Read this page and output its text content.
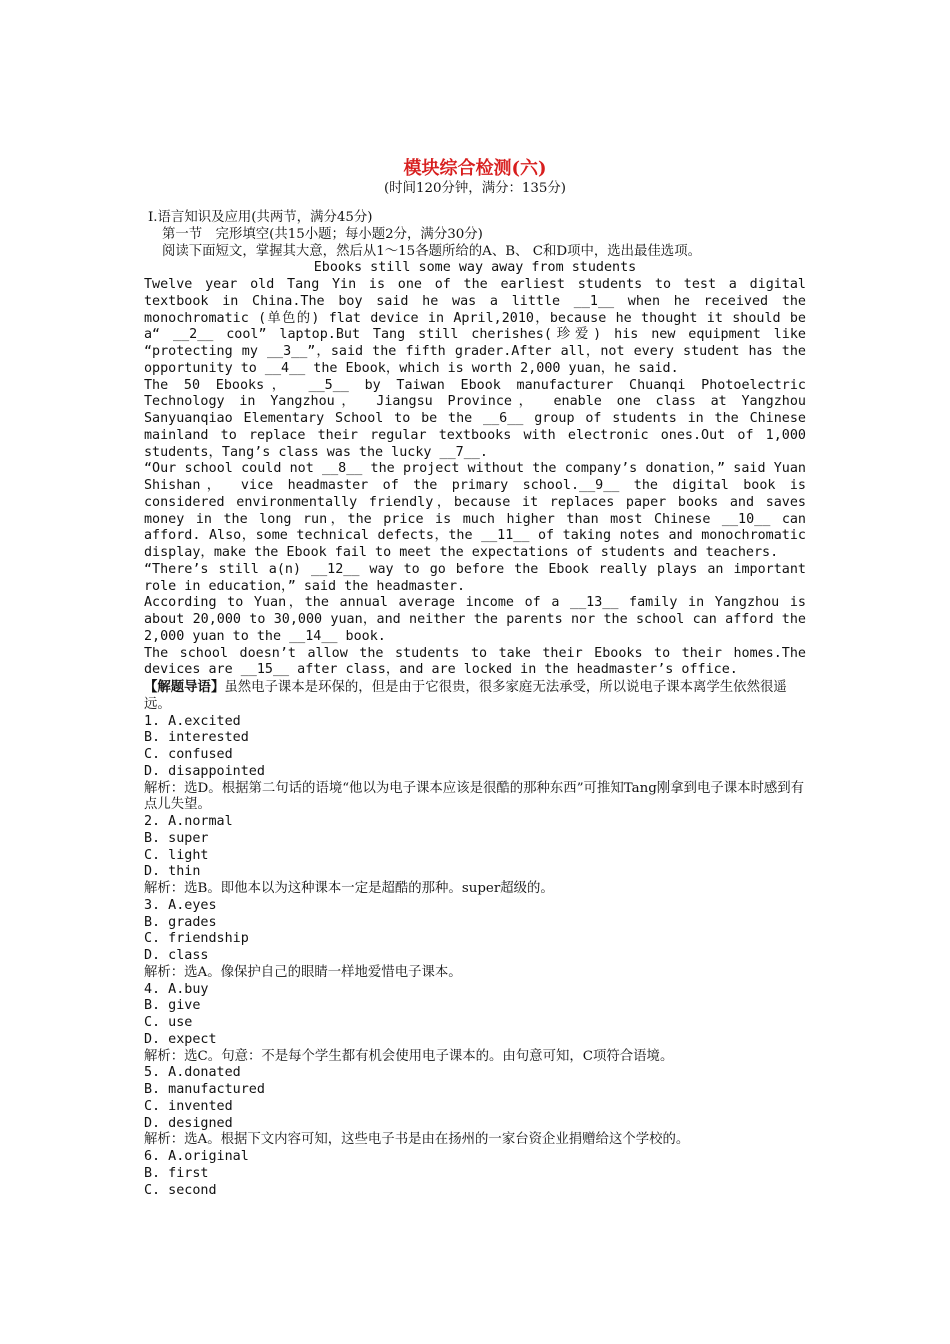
模块综合检测(六)
(时间120分钟，满分：135分)
Ⅰ.语言知识及应用(共两节，满分45分)
第一节　完形填空(共15小题；每小题2分，满分30分)
阅读下面短文，掌握其大意，然后从1～15各题所给的A、B、 C和D项中，选出最佳选项。
Ebooks still some way away from students
Twelve year old Tang Yin is one of the earliest students to test a digital textbook in China.The boy said he was a little __1__ when he received the monochromatic (单色的) flat device in April,2010，because he thought it should be a“ __2__ cool” laptop.But Tang still cherishes(珍爱) his new equipment like “protecting my __3__”，said the fifth grader.After all，not every student has the opportunity to __4__ the Ebook，which is worth 2,000 yuan，he said.
The 50 Ebooks， __5__ by Taiwan Ebook manufacturer Chuanqi Photoelectric Technology in Yangzhou， Jiangsu Province， enable one class at Yangzhou Sanyuanqiao Elementary School to be the __6__ group of students in the Chinese mainland to replace their regular textbooks with electronic ones.Out of 1,000 students，Tang’s class was the lucky __7__.
“Our school could not __8__ the project without the company’s donation，” said Yuan Shishan， vice headmaster of the primary school.__9__ the digital book is considered environmentally friendly，because it replaces paper books and saves money in the long run，the price is much higher than most Chinese __10__ can afford. Also，some technical defects，the __11__ of taking notes and monochromatic display，make the Ebook fail to meet the expectations of students and teachers.
“There’s still a(n) __12__ way to go before the Ebook really plays an important role in education，” said the headmaster.
According to Yuan，the annual average income of a __13__ family in Yangzhou is about 20,000 to 30,000 yuan，and neither the parents nor the school can afford the 2,000 yuan to the __14__ book.
The school doesn’t allow the students to take their Ebooks to their homes.The devices are __15__ after class，and are locked in the headmaster’s office.
【解题导语】虽然电子课本是环保的，但是由于它很贵，很多家庭无法承受，所以说电子课本离学生依然很遥远。
1. A.excited
B. interested
C. confused
D. disappointed
解析：选D。根据第二句话的语境“他以为电子课本应该是很酷的那种东西”可推知Tang刚拿到电子课本时感到有点儿失望。
2. A.normal
B. super
C. light
D. thin
解析：选B。即他本以为这种课本一定是超酷的那种。super超级的。
3. A.eyes
B. grades
C. friendship
D. class
解析：选A。像保护自己的眼睛一样地爱惜电子课本。
4. A.buy
B. give
C. use
D. expect
解析：选C。句意：不是每个学生都有机会使用电子课本的。由句意可知，C项符合语境。
5. A.donated
B. manufactured
C. invented
D. designed
解析：选A。根据下文内容可知，这些电子书是由在扬州的一家台资企业捐赠给这个学校的。
6. A.original
B. first
C. second
